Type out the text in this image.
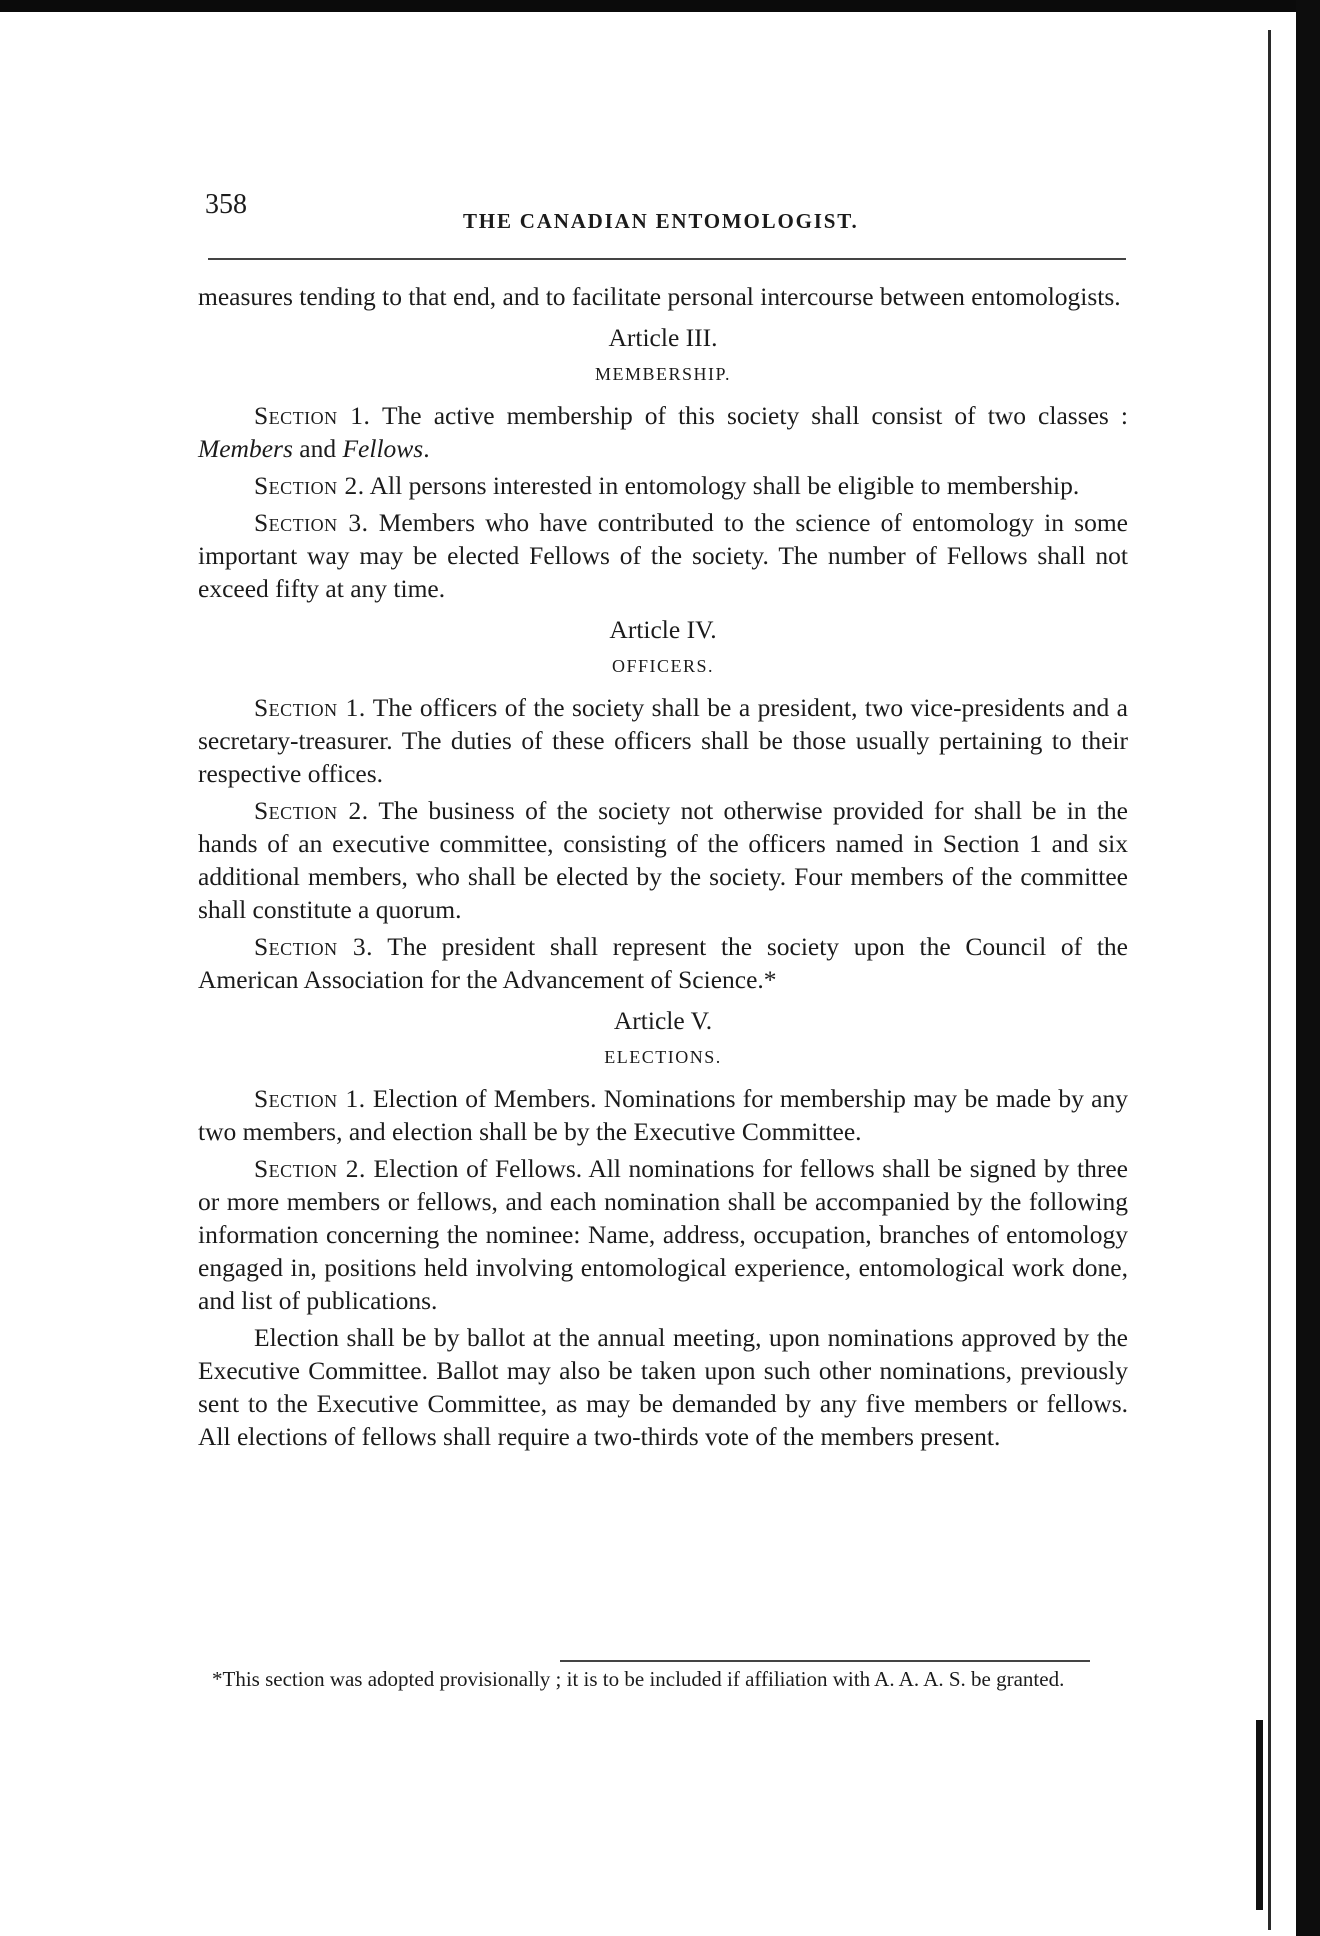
358
THE CANADIAN ENTOMOLOGIST.

measures tending to that end, and to facilitate personal intercourse between entomologists.

Article III.
MEMBERSHIP.

Section 1. The active membership of this society shall consist of two classes : Members and Fellows.

Section 2. All persons interested in entomology shall be eligible to membership.

Section 3. Members who have contributed to the science of entomology in some important way may be elected Fellows of the society. The number of Fellows shall not exceed fifty at any time.

Article IV.
OFFICERS.

Section 1. The officers of the society shall be a president, two vice-presidents and a secretary-treasurer. The duties of these officers shall be those usually pertaining to their respective offices.

Section 2. The business of the society not otherwise provided for shall be in the hands of an executive committee, consisting of the officers named in Section 1 and six additional members, who shall be elected by the society. Four members of the committee shall constitute a quorum.

Section 3. The president shall represent the society upon the Council of the American Association for the Advancement of Science.*

Article V.
ELECTIONS.

Section 1. Election of Members. Nominations for membership may be made by any two members, and election shall be by the Executive Committee.

Section 2. Election of Fellows. All nominations for fellows shall be signed by three or more members or fellows, and each nomination shall be accompanied by the following information concerning the nominee: Name, address, occupation, branches of entomology engaged in, positions held involving entomological experience, entomological work done, and list of publications.

Election shall be by ballot at the annual meeting, upon nominations approved by the Executive Committee. Ballot may also be taken upon such other nominations, previously sent to the Executive Committee, as may be demanded by any five members or fellows. All elections of fellows shall require a two-thirds vote of the members present.

*This section was adopted provisionally ; it is to be included if affiliation with A. A. A. S. be granted.
